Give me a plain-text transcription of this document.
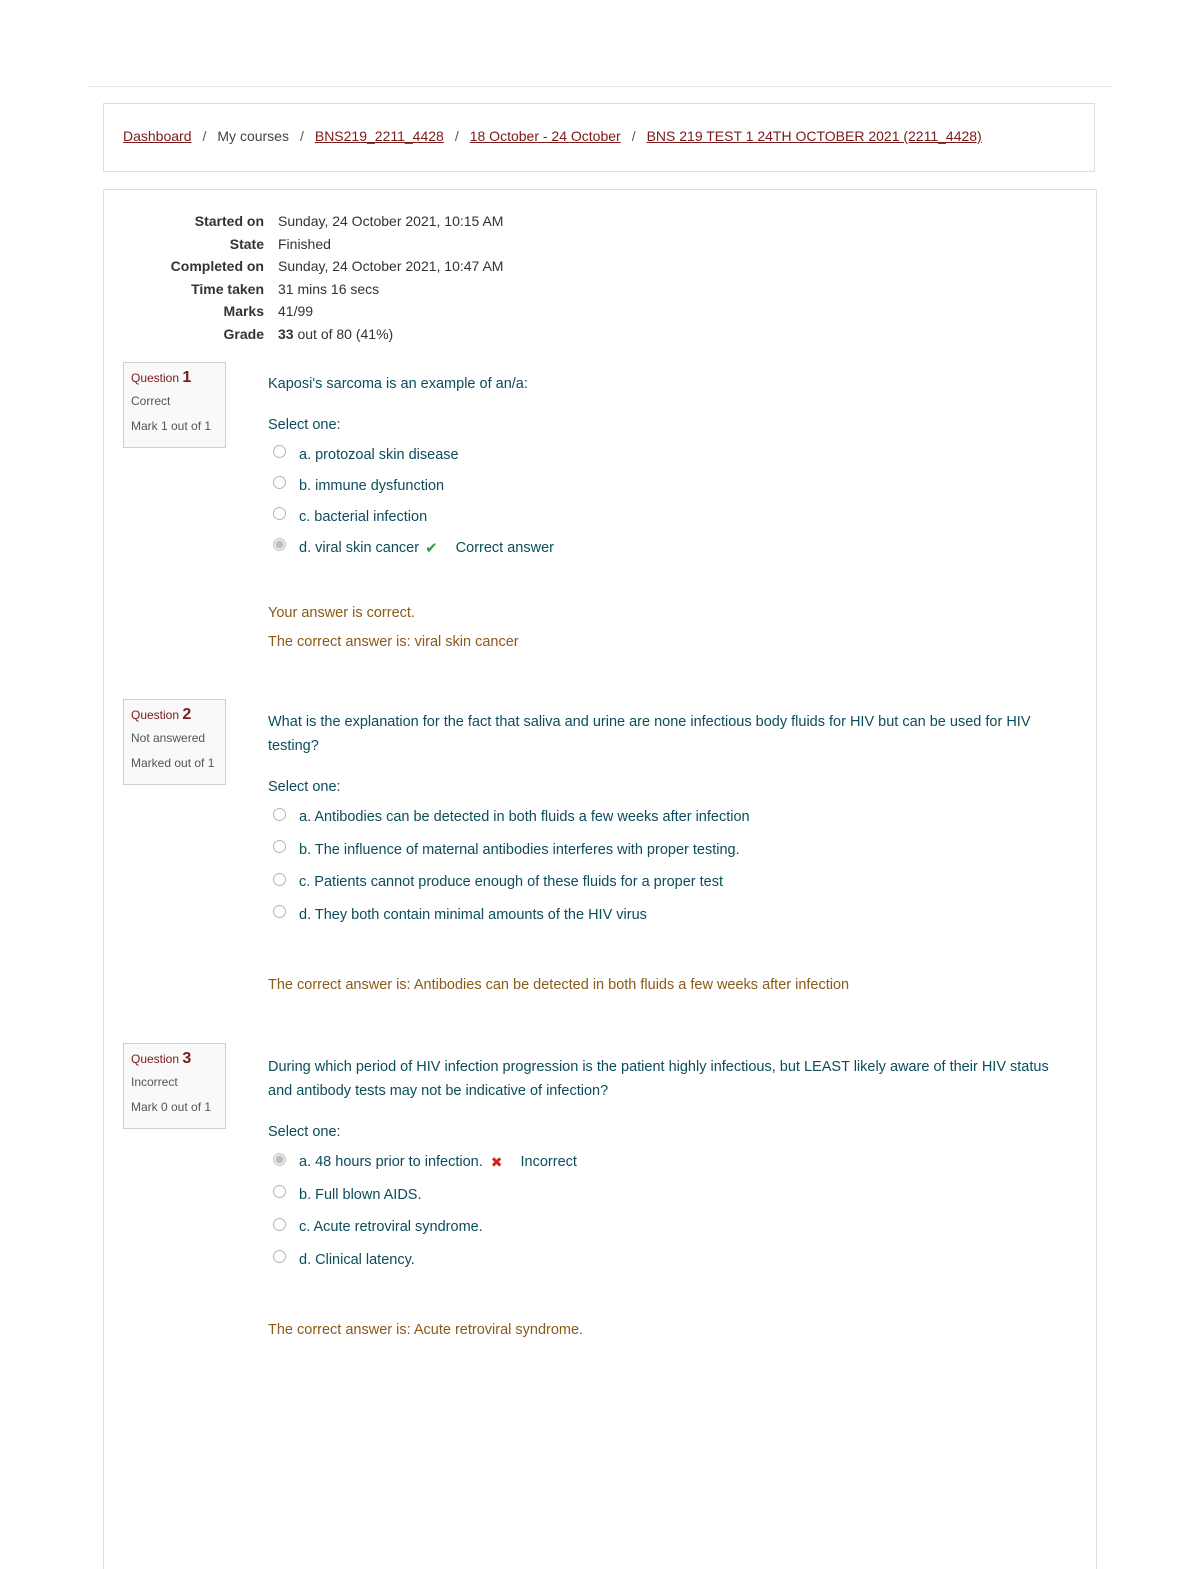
Dashboard / My courses / BNS219_2211_4428 / 18 October - 24 October / BNS 219 TEST 1 24TH OCTOBER 2021 (2211_4428)
Started on	Sunday, 24 October 2021, 10:15 AM
State	Finished
Completed on	Sunday, 24 October 2021, 10:47 AM
Time taken	31 mins 16 secs
Marks	41/99
Grade	33 out of 80 (41%)
Question 1
Correct
Mark 1 out of 1
Kaposi's sarcoma is an example of an/a:
Select one:
a. protozoal skin disease
b. immune dysfunction
c. bacterial infection
d. viral skin cancer ✔ Correct answer
Your answer is correct.
The correct answer is: viral skin cancer
Question 2
Not answered
Marked out of 1
What is the explanation for the fact that saliva and urine are none infectious body fluids for HIV but can be used for HIV testing?
Select one:
a. Antibodies can be detected in both fluids a few weeks after infection
b. The influence of maternal antibodies interferes with proper testing.
c. Patients cannot produce enough of these fluids for a proper test
d. They both contain minimal amounts of the HIV virus
The correct answer is: Antibodies can be detected in both fluids a few weeks after infection
Question 3
Incorrect
Mark 0 out of 1
During which period of HIV infection progression is the patient highly infectious, but LEAST likely aware of their HIV status and antibody tests may not be indicative of infection?
Select one:
a. 48 hours prior to infection. ✖ Incorrect
b. Full blown AIDS.
c. Acute retroviral syndrome.
d. Clinical latency.
The correct answer is: Acute retroviral syndrome.
